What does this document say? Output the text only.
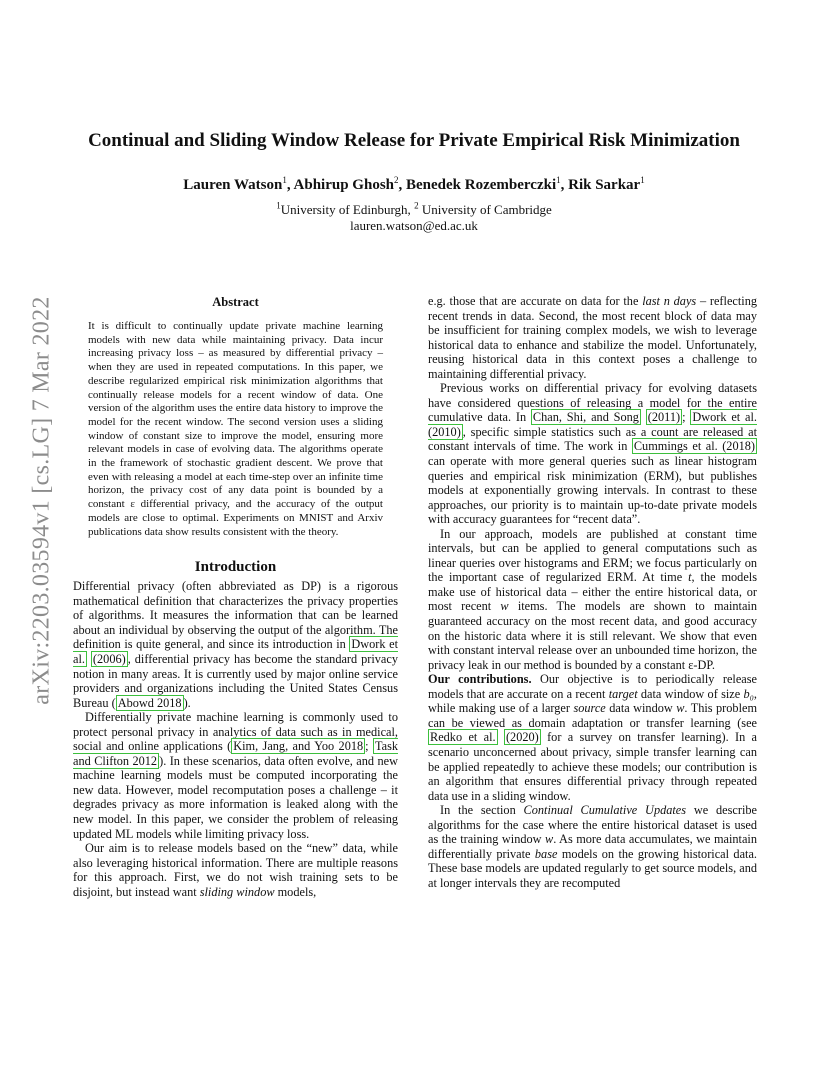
arXiv:2203.03594v1 [cs.LG] 7 Mar 2022
Continual and Sliding Window Release for Private Empirical Risk Minimization
Lauren Watson$^1$, Abhirup Ghosh$^2$, Benedek Rozemberczki$^1$, Rik Sarkar$^1$
$^1$University of Edinburgh, $^2$ University of Cambridge
lauren.watson@ed.ac.uk
Abstract
It is difficult to continually update private machine learning models with new data while maintaining privacy. Data incur increasing privacy loss – as measured by differential privacy – when they are used in repeated computations. In this paper, we describe regularized empirical risk minimization algorithms that continually release models for a recent window of data. One version of the algorithm uses the entire data history to improve the model for the recent window. The second version uses a sliding window of constant size to improve the model, ensuring more relevant models in case of evolving data. The algorithms operate in the framework of stochastic gradient descent. We prove that even with releasing a model at each time-step over an infinite time horizon, the privacy cost of any data point is bounded by a constant ε differential privacy, and the accuracy of the output models are close to optimal. Experiments on MNIST and Arxiv publications data show results consistent with the theory.
Introduction

Differential privacy (often abbreviated as DP) is a rigorous mathematical definition that characterizes the privacy properties of algorithms. It measures the information that can be learned about an individual by observing the output of the algorithm. The definition is quite general, and since its introduction in Dwork et al. (2006) , differential privacy has become the standard privacy notion in many areas. It is currently used by major online service providers and organizations including the United States Census Bureau ( Abowd 2018 ).

Differentially private machine learning is commonly used to protect personal privacy in analytics of data such as in medical, social and online applications ( Kim, Jang, and Yoo 2018 ; Task and Clifton 2012 ). In these scenarios, data often evolve, and new machine learning models must be computed incorporating the new data. However, model recomputation poses a challenge – it degrades privacy as more information is leaked along with the new model. In this paper, we consider the problem of releasing updated ML models while limiting privacy loss.

Our aim is to release models based on the “new” data, while also leveraging historical information. There are multiple reasons for this approach. First, we do not wish training sets to be disjoint, but instead want sliding window models,

e.g. those that are accurate on data for the last n days – reflecting recent trends in data. Second, the most recent block of data may be insufficient for training complex models, we wish to leverage historical data to enhance and stabilize the model. Unfortunately, reusing historical data in this context poses a challenge to maintaining differential privacy.

Previous works on differential privacy for evolving datasets have considered questions of releasing a model for the entire cumulative data. In Chan, Shi, and Song (2011) ; Dwork et al. (2010) , specific simple statistics such as a count are released at constant intervals of time. The work in Cummings et al. (2018) can operate with more general queries such as linear histogram queries and empirical risk minimization (ERM), but publishes models at exponentially growing intervals. In contrast to these approaches, our priority is to maintain up-to-date private models with accuracy guarantees for “recent data”.

In our approach, models are published at constant time intervals, but can be applied to general computations such as linear queries over histograms and ERM; we focus particularly on the important case of regularized ERM. At time t, the models make use of historical data – either the entire historical data, or most recent w items. The models are shown to maintain guaranteed accuracy on the most recent data, and good accuracy on the historic data where it is still relevant. We show that even with constant interval release over an unbounded time horizon, the privacy leak in our method is bounded by a constant ε-DP.

Our contributions. Our objective is to periodically release models that are accurate on a recent target data window of size b₀, while making use of a larger source data window w. This problem can be viewed as domain adaptation or transfer learning (see Redko et al. (2020) for a survey on transfer learning). In a scenario unconcerned about privacy, simple transfer learning can be applied repeatedly to achieve these models; our contribution is an algorithm that ensures differential privacy through repeated data use in a sliding window.

In the section Continual Cumulative Updates we describe algorithms for the case where the entire historical dataset is used as the training window w. As more data accumulates, we maintain differentially private base models on the growing historical data. These base models are updated regularly to get source models, and at longer intervals they are recomputed
